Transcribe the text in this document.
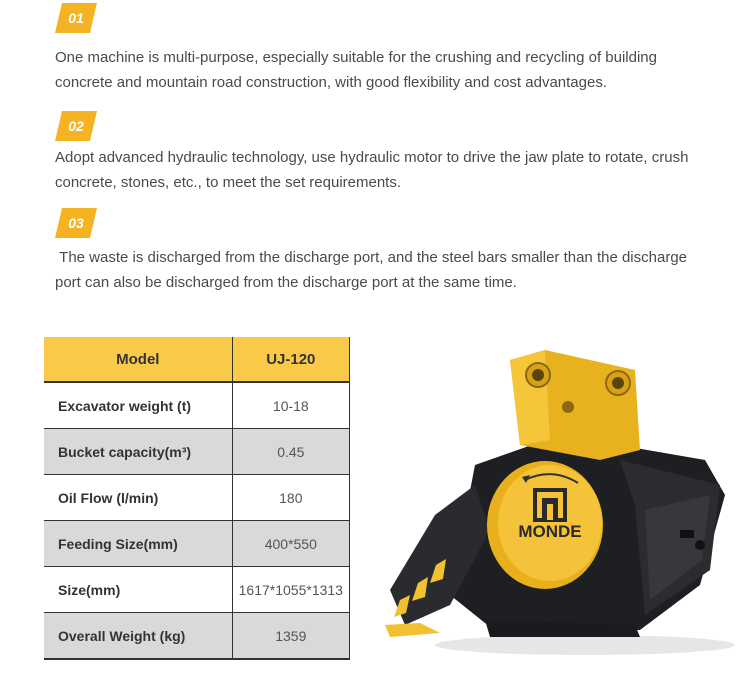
01
One machine is multi-purpose, especially suitable for the crushing and recycling of building concrete and mountain road construction, with good flexibility and cost advantages.
02
Adopt advanced hydraulic technology, use hydraulic motor to drive the jaw plate to rotate, crush concrete, stones, etc., to meet the set requirements.
03
The waste is discharged from the discharge port, and the steel bars smaller than the discharge port can also be discharged from the discharge port at the same time.
Model	UJ-120
Excavator weight (t)	10-18
Bucket capacity(m³)	0.45
Oil Flow (l/min)	180
Feeding Size(mm)	400*550
Size(mm)	1617*1055*1313
Overall Weight (kg)	1359
MONDE
